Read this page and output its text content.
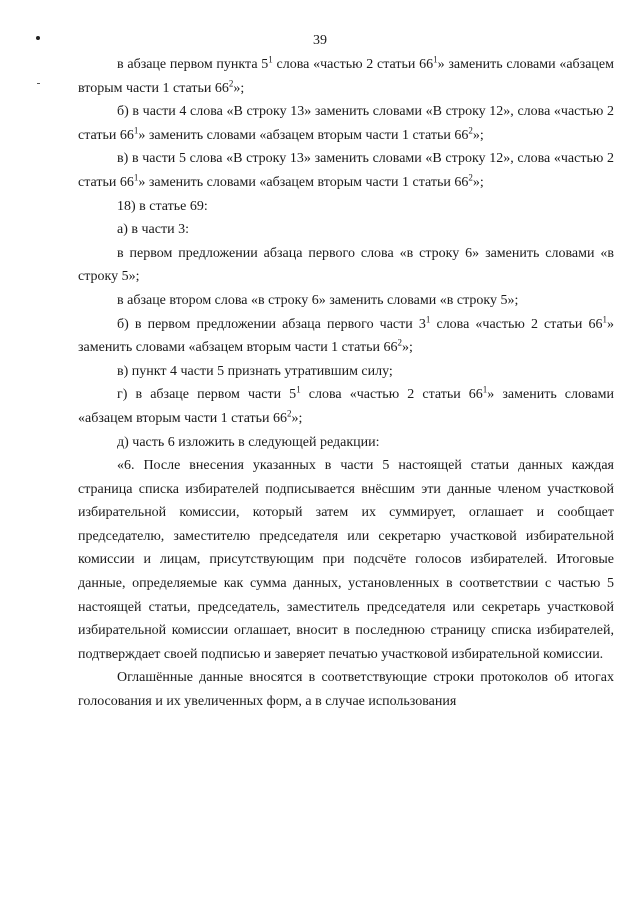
39

в абзаце первом пункта $5^1$ слова «частью 2 статьи $66^1$» заменить словами «абзацем вторым части 1 статьи $66^2$»;

б) в части 4 слова «В строку 13» заменить словами «В строку 12», слова «частью 2 статьи $66^1$» заменить словами «абзацем вторым части 1 статьи $66^2$»;

в) в части 5 слова «В строку 13» заменить словами «В строку 12», слова «частью 2 статьи $66^1$» заменить словами «абзацем вторым части 1 статьи $66^2$»;

18) в статье 69:

а) в части 3:

в первом предложении абзаца первого слова «в строку 6» заменить словами «в строку 5»;

в абзаце втором слова «в строку 6» заменить словами «в строку 5»;

б) в первом предложении абзаца первого части $3^1$ слова «частью 2 статьи $66^1$» заменить словами «абзацем вторым части 1 статьи $66^2$»;

в) пункт 4 части 5 признать утратившим силу;

г) в абзаце первом части $5^1$ слова «частью 2 статьи $66^1$» заменить словами «абзацем вторым части 1 статьи $66^2$»;

д) часть 6 изложить в следующей редакции:

«6. После внесения указанных в части 5 настоящей статьи данных каждая страница списка избирателей подписывается внёсшим эти данные членом участковой избирательной комиссии, который затем их суммирует, оглашает и сообщает председателю, заместителю председателя или секретарю участковой избирательной комиссии и лицам, присутствующим при подсчёте голосов избирателей. Итоговые данные, определяемые как сумма данных, установленных в соответствии с частью 5 настоящей статьи, председатель, заместитель председателя или секретарь участковой избирательной комиссии оглашает, вносит в последнюю страницу списка избирателей, подтверждает своей подписью и заверяет печатью участковой избирательной комиссии.

Оглашённые данные вносятся в соответствующие строки протоколов об итогах голосования и их увеличенных форм, а в случае использования
